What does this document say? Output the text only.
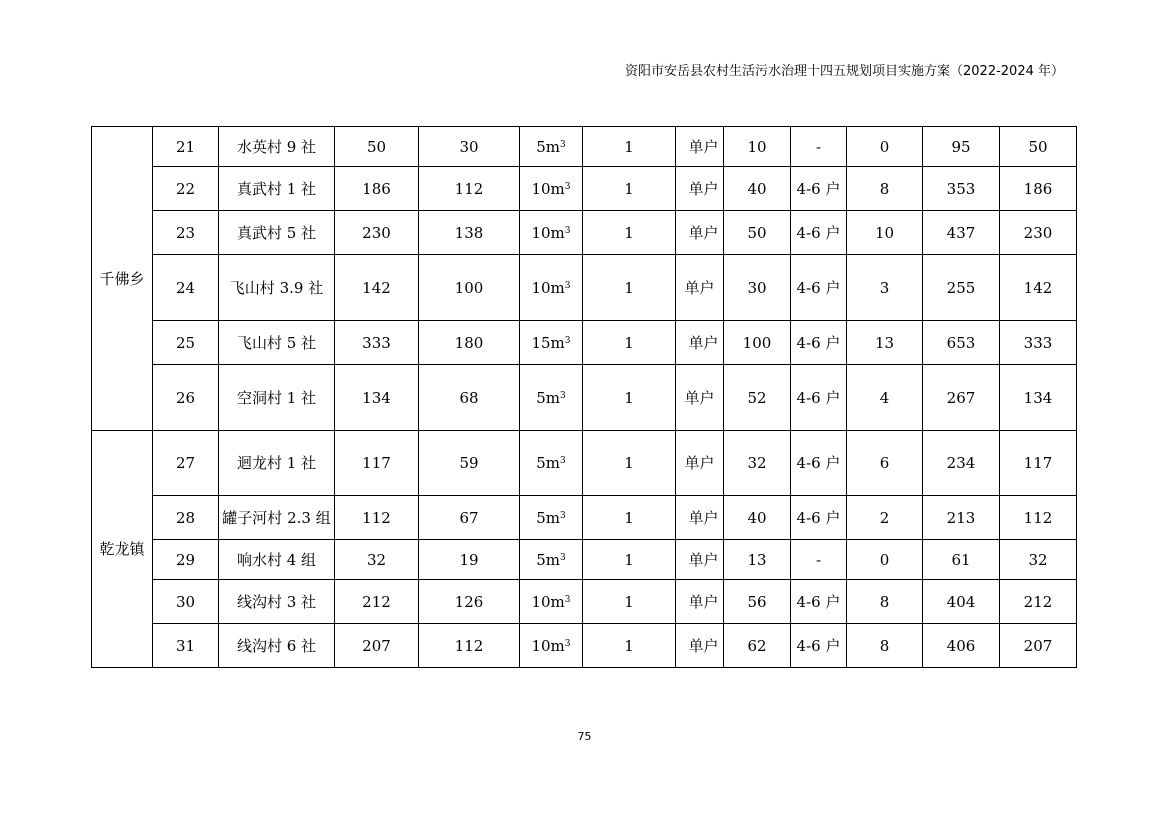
资阳市安岳县农村生活污水治理十四五规划项目实施方案（2022-2024 年）
千佛乡	21	水英村 9 社	50	30	$5m^3$	1	单户	10	-	0	95	50
	22	真武村 1 社	186	112	$10m^3$	1	单户	40	4-6 户	8	353	186
	23	真武村 5 社	230	138	$10m^3$	1	单户	50	4-6 户	10	437	230
	24	飞山村 3.9 社	142	100	$10m^3$	1	单户	30	4-6 户	3	255	142
	25	飞山村 5 社	333	180	$15m^3$	1	单户	100	4-6 户	13	653	333
	26	空洞村 1 社	134	68	$5m^3$	1	单户	52	4-6 户	4	267	134
乾龙镇	27	迴龙村 1 社	117	59	$5m^3$	1	单户	32	4-6 户	6	234	117
	28	罐子河村 2.3 组	112	67	$5m^3$	1	单户	40	4-6 户	2	213	112
	29	响水村 4 组	32	19	$5m^3$	1	单户	13	-	0	61	32
	30	线沟村 3 社	212	126	$10m^3$	1	单户	56	4-6 户	8	404	212
	31	线沟村 6 社	207	112	$10m^3$	1	单户	62	4-6 户	8	406	207
75
